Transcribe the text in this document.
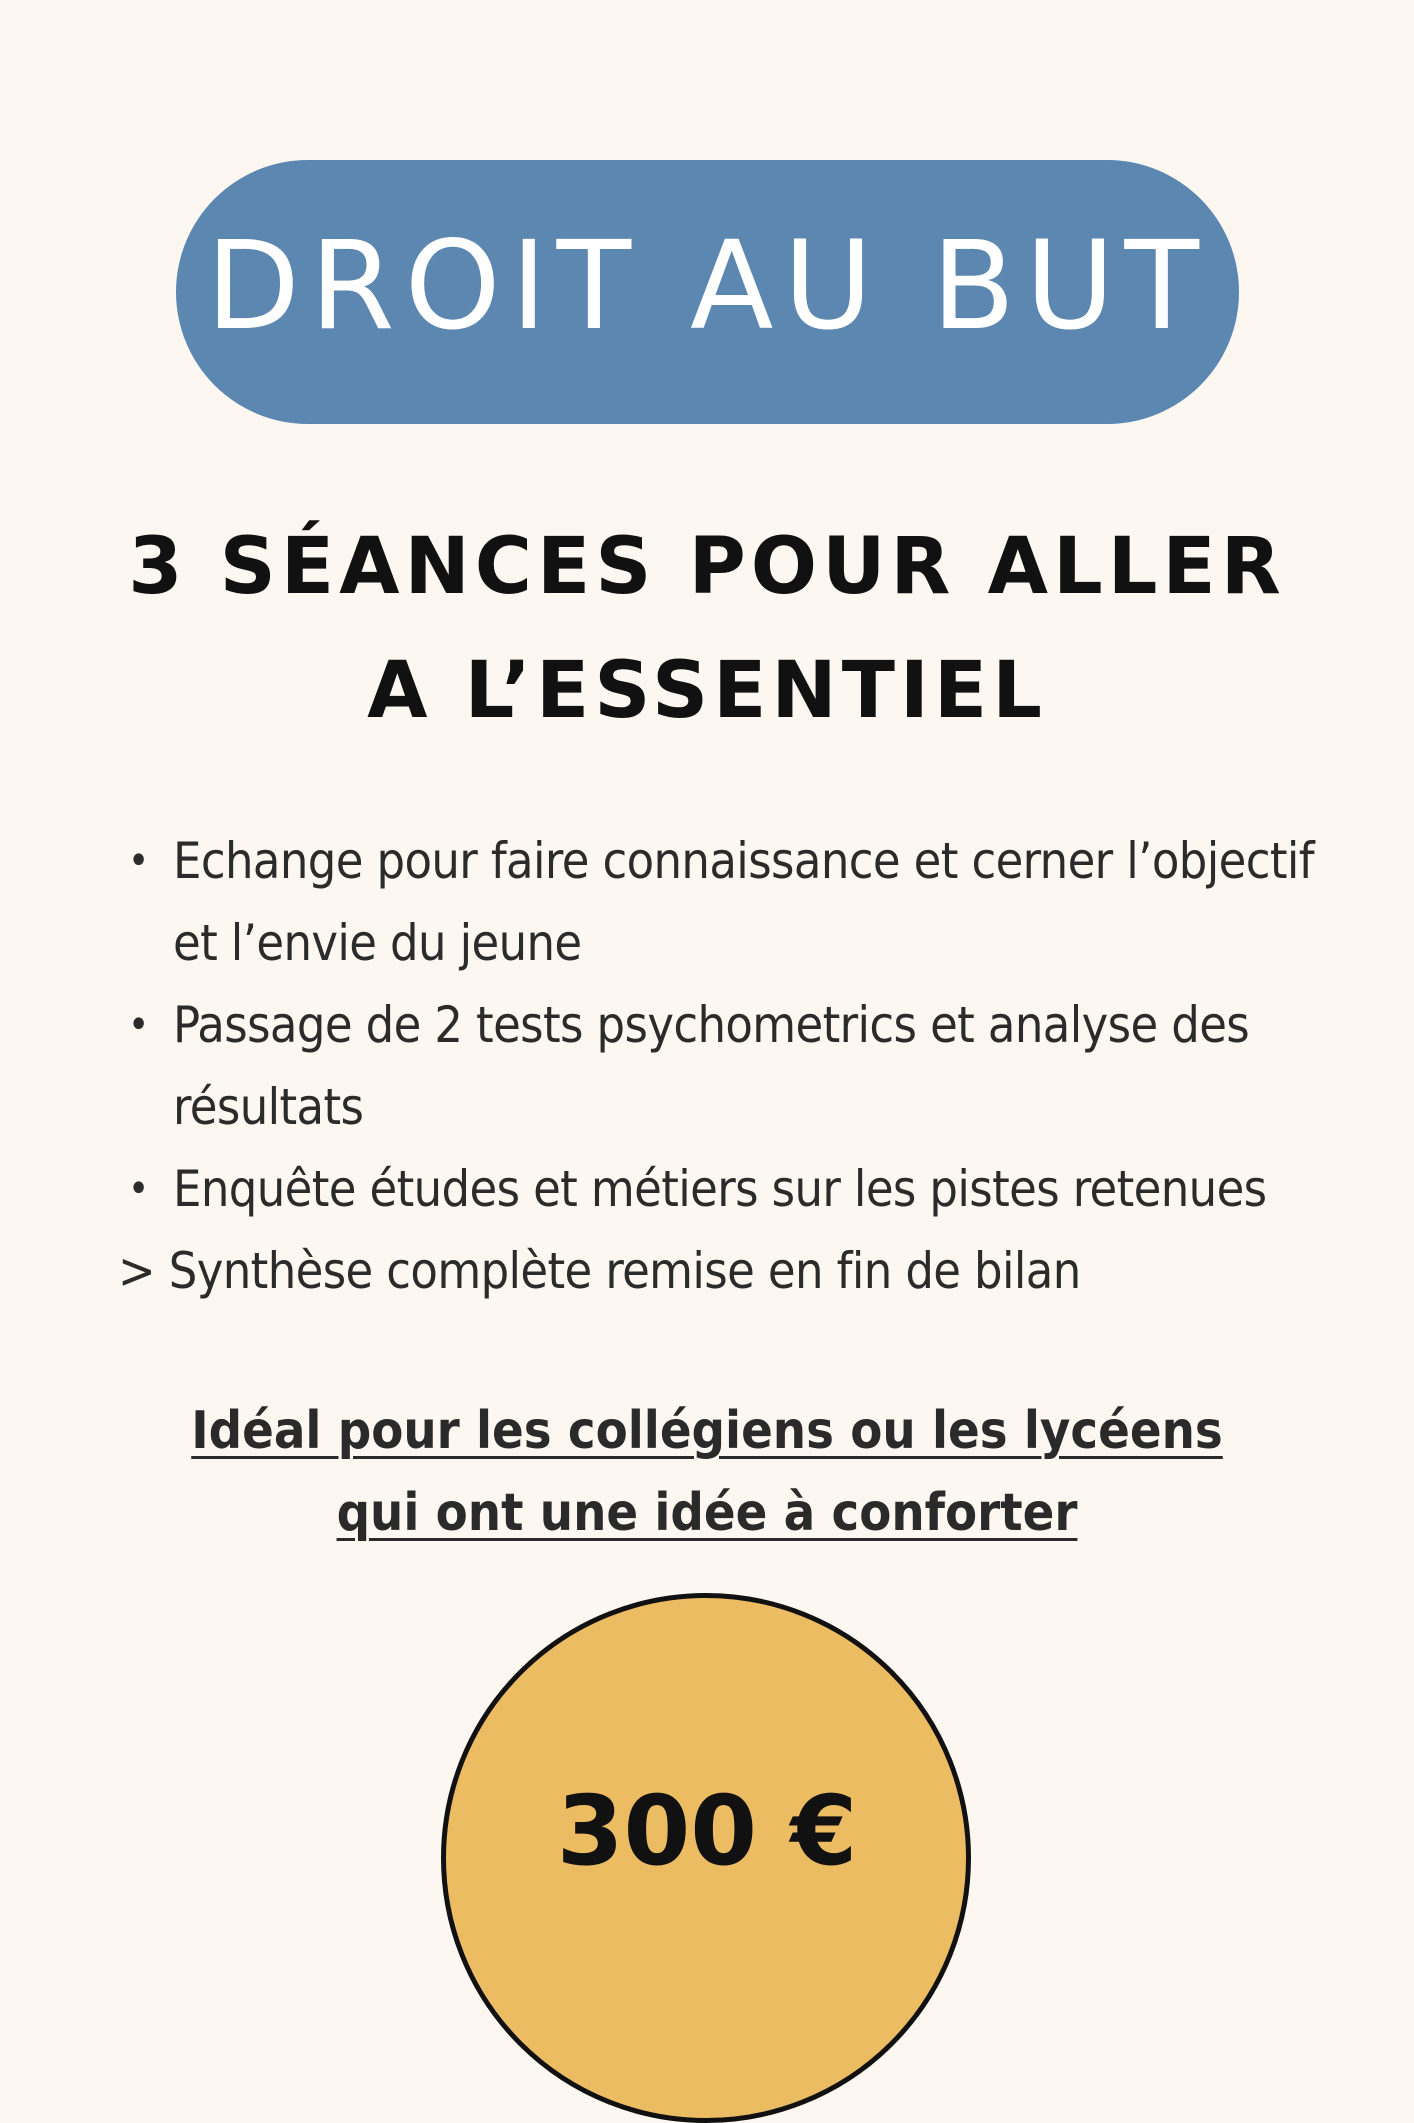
DROIT AU BUT
3 SÉANCES POUR ALLER
A L’ESSENTIEL
• Echange pour faire connaissance et cerner l’objectif et l’envie du jeune
• Passage de 2 tests psychometrics et analyse des résultats
• Enquête études et métiers sur les pistes retenues
> Synthèse complète remise en fin de bilan
Idéal pour les collégiens ou les lycéens
qui ont une idée à conforter
300 €
